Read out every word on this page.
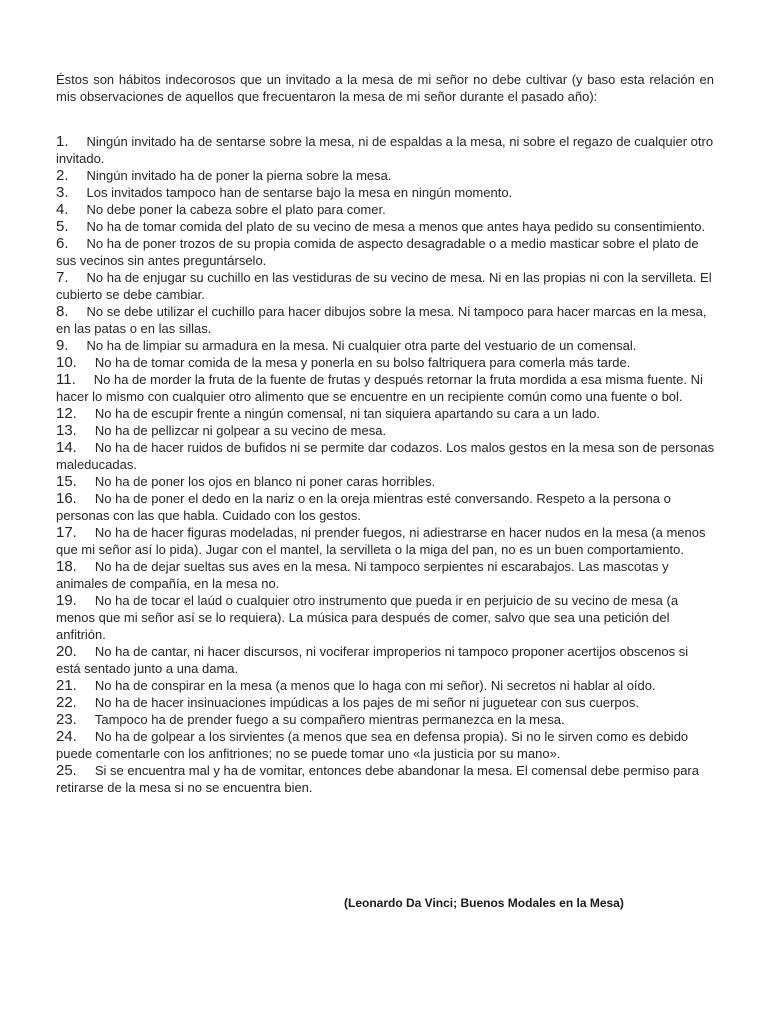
Éstos son hábitos indecorosos que un invitado a la mesa de mi señor no debe cultivar (y baso esta relación en mis observaciones de aquellos que frecuentaron la mesa de mi señor durante el pasado año):

1. Ningún invitado ha de sentarse sobre la mesa, ni de espaldas a la mesa, ni sobre el regazo de cualquier otro invitado.
2. Ningún invitado ha de poner la pierna sobre la mesa.
3. Los invitados tampoco han de sentarse bajo la mesa en ningún momento.
4. No debe poner la cabeza sobre el plato para comer.
5. No ha de tomar comida del plato de su vecino de mesa a menos que antes haya pedido su consentimiento.
6. No ha de poner trozos de su propia comida de aspecto desagradable o a medio masticar sobre el plato de sus vecinos sin antes preguntárselo.
7. No ha de enjugar su cuchillo en las vestiduras de su vecino de mesa. Ni en las propias ni con la servilleta. El cubierto se debe cambiar.
8. No se debe utilizar el cuchillo para hacer dibujos sobre la mesa. Ni tampoco para hacer marcas en la mesa, en las patas o en las sillas.
9. No ha de limpiar su armadura en la mesa. Ni cualquier otra parte del vestuario de un comensal.
10. No ha de tomar comida de la mesa y ponerla en su bolso faltriquera para comerla más tarde.
11. No ha de morder la fruta de la fuente de frutas y después retornar la fruta mordida a esa misma fuente. Ni hacer lo mismo con cualquier otro alimento que se encuentre en un recipiente común como una fuente o bol.
12. No ha de escupir frente a ningún comensal, ni tan siquiera apartando su cara a un lado.
13. No ha de pellizcar ni golpear a su vecino de mesa.
14. No ha de hacer ruidos de bufidos ni se permite dar codazos. Los malos gestos en la mesa son de personas maleducadas.
15. No ha de poner los ojos en blanco ni poner caras horribles.
16. No ha de poner el dedo en la nariz o en la oreja mientras esté conversando. Respeto a la persona o personas con las que habla. Cuidado con los gestos.
17. No ha de hacer figuras modeladas, ni prender fuegos, ni adiestrarse en hacer nudos en la mesa (a menos que mi señor así lo pida). Jugar con el mantel, la servilleta o la miga del pan, no es un buen comportamiento.
18. No ha de dejar sueltas sus aves en la mesa. Ni tampoco serpientes ni escarabajos. Las mascotas y animales de compañía, en la mesa no.
19. No ha de tocar el laúd o cualquier otro instrumento que pueda ir en perjuicio de su vecino de mesa (a menos que mi señor así se lo requiera). La música para después de comer, salvo que sea una petición del anfitrión.
20. No ha de cantar, ni hacer discursos, ni vociferar improperios ni tampoco proponer acertijos obscenos si está sentado junto a una dama.
21. No ha de conspirar en la mesa (a menos que lo haga con mi señor). Ni secretos ni hablar al oído.
22. No ha de hacer insinuaciones impúdicas a los pajes de mi señor ni juguetear con sus cuerpos.
23. Tampoco ha de prender fuego a su compañero mientras permanezca en la mesa.
24. No ha de golpear a los sirvientes (a menos que sea en defensa propia). Si no le sirven como es debido puede comentarle con los anfitriones; no se puede tomar uno «la justicia por su mano».
25. Si se encuentra mal y ha de vomitar, entonces debe abandonar la mesa. El comensal debe permiso para retirarse de la mesa si no se encuentra bien.
(Leonardo Da Vinci; Buenos Modales en la Mesa)
